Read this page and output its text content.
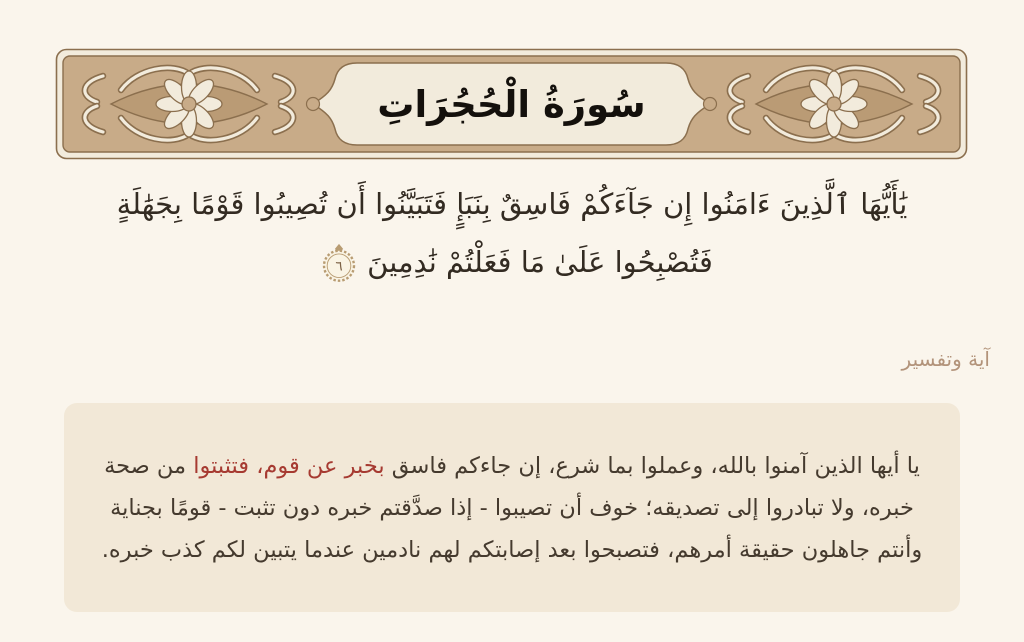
سُورَةُ الْحُجُرَاتِ
يَٰأَيُّهَا ٱلَّذِينَ ءَامَنُوا إِن جَآءَكُمْ فَاسِقٌ بِنَبَإٍ فَتَبَيَّنُوا أَن تُصِيبُوا قَوْمًا بِجَهَٰلَةٍ
فَتُصْبِحُوا عَلَىٰ مَا فَعَلْتُمْ نَٰدِمِينَ
٦
آية وتفسير
يا أيها الذين آمنوا بالله، وعملوا بما شرع، إن جاءكم فاسق بخبر عن قوم، فتثبتوا من صحة خبره، ولا تبادروا إلى تصديقه؛ خوف أن تصيبوا - إذا صدَّقتم خبره دون تثبت - قومًا بجناية وأنتم جاهلون حقيقة أمرهم، فتصبحوا بعد إصابتكم لهم نادمين عندما يتبين لكم كذب خبره.
